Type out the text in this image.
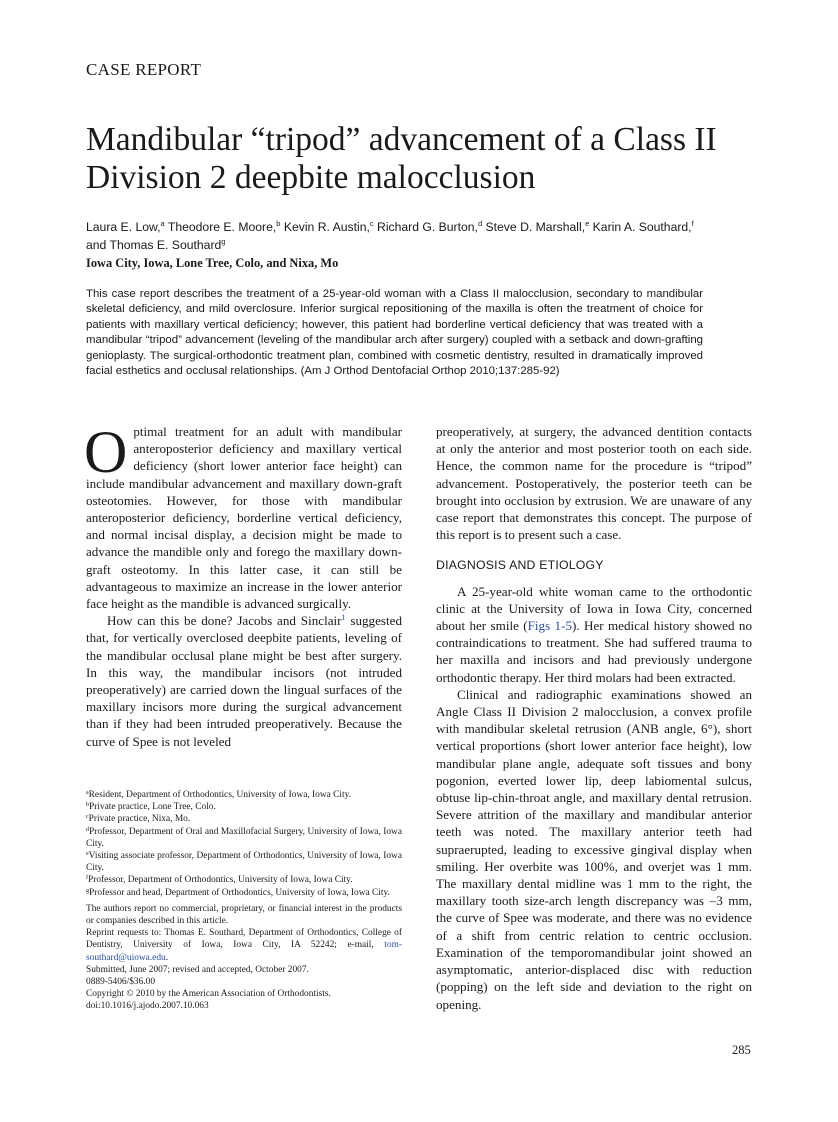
CASE REPORT
Mandibular “tripod” advancement of a Class II Division 2 deepbite malocclusion
Laura E. Low,$^a$ Theodore E. Moore,$^b$ Kevin R. Austin,$^c$ Richard G. Burton,$^d$ Steve D. Marshall,$^e$ Karin A. Southard,$^f$
and Thomas E. Southard$^g$
Iowa City, Iowa, Lone Tree, Colo, and Nixa, Mo
This case report describes the treatment of a 25-year-old woman with a Class II malocclusion, secondary to mandibular skeletal deficiency, and mild overclosure. Inferior surgical repositioning of the maxilla is often the treatment of choice for patients with maxillary vertical deficiency; however, this patient had borderline vertical deficiency that was treated with a mandibular “tripod” advancement (leveling of the mandibular arch after surgery) coupled with a setback and down-grafting genioplasty. The surgical-orthodontic treatment plan, combined with cosmetic dentistry, resulted in dramatically improved facial esthetics and occlusal relationships. (Am J Orthod Dentofacial Orthop 2010;137:285-92)

Optimal treatment for an adult with mandibular anteroposterior deficiency and maxillary vertical deficiency (short lower anterior face height) can include mandibular advancement and maxillary down-graft osteotomies. However, for those with mandibular anteroposterior deficiency, borderline vertical deficiency, and normal incisal display, a decision might be made to advance the mandible only and forego the maxillary down-graft osteotomy. In this latter case, it can still be advantageous to maximize an increase in the lower anterior face height as the mandible is advanced surgically.

How can this be done? Jacobs and Sinclair$^1$ suggested that, for vertically overclosed deepbite patients, leveling of the mandibular occlusal plane might be best after surgery. In this way, the mandibular incisors (not intruded preoperatively) are carried down the lingual surfaces of the maxillary incisors more during the surgical advancement than if they had been intruded preoperatively. Because the curve of Spee is not leveled

preoperatively, at surgery, the advanced dentition contacts at only the anterior and most posterior tooth on each side. Hence, the common name for the procedure is “tripod” advancement. Postoperatively, the posterior teeth can be brought into occlusion by extrusion. We are unaware of any case report that demonstrates this concept. The purpose of this report is to present such a case.

DIAGNOSIS AND ETIOLOGY

A 25-year-old white woman came to the orthodontic clinic at the University of Iowa in Iowa City, concerned about her smile (Figs 1-5). Her medical history showed no contraindications to treatment. She had suffered trauma to her maxilla and incisors and had previously undergone orthodontic therapy. Her third molars had been extracted.

Clinical and radiographic examinations showed an Angle Class II Division 2 malocclusion, a convex profile with mandibular skeletal retrusion (ANB angle, 6°), short vertical proportions (short lower anterior face height), low mandibular plane angle, adequate soft tissues and bony pogonion, everted lower lip, deep labiomental sulcus, obtuse lip-chin-throat angle, and maxillary dental retrusion. Severe attrition of the maxillary and mandibular anterior teeth was noted. The maxillary anterior teeth had supraerupted, leading to excessive gingival display when smiling. Her overbite was 100%, and overjet was 1 mm. The maxillary dental midline was 1 mm to the right, the maxillary tooth size-arch length discrepancy was –3 mm, the curve of Spee was moderate, and there was no evidence of a shift from centric relation to centric occlusion. Examination of the temporomandibular joint showed an asymptomatic, anterior-displaced disc with reduction (popping) on the left side and deviation to the right on opening.

$^a$Resident, Department of Orthodontics, University of Iowa, Iowa City.
$^b$Private practice, Lone Tree, Colo.
$^c$Private practice, Nixa, Mo.
$^d$Professor, Department of Oral and Maxillofacial Surgery, University of Iowa, Iowa City.
$^e$Visiting associate professor, Department of Orthodontics, University of Iowa, Iowa City.
$^f$Professor, Department of Orthodontics, University of Iowa, Iowa City.
$^g$Professor and head, Department of Orthodontics, University of Iowa, Iowa City.
The authors report no commercial, proprietary, or financial interest in the products or companies described in this article.
Reprint requests to: Thomas E. Southard, Department of Orthodontics, College of Dentistry, University of Iowa, Iowa City, IA 52242; e-mail, tom-southard@uiowa.edu.
Submitted, June 2007; revised and accepted, October 2007.
0889-5406/$36.00
Copyright © 2010 by the American Association of Orthodontists.
doi:10.1016/j.ajodo.2007.10.063
285
